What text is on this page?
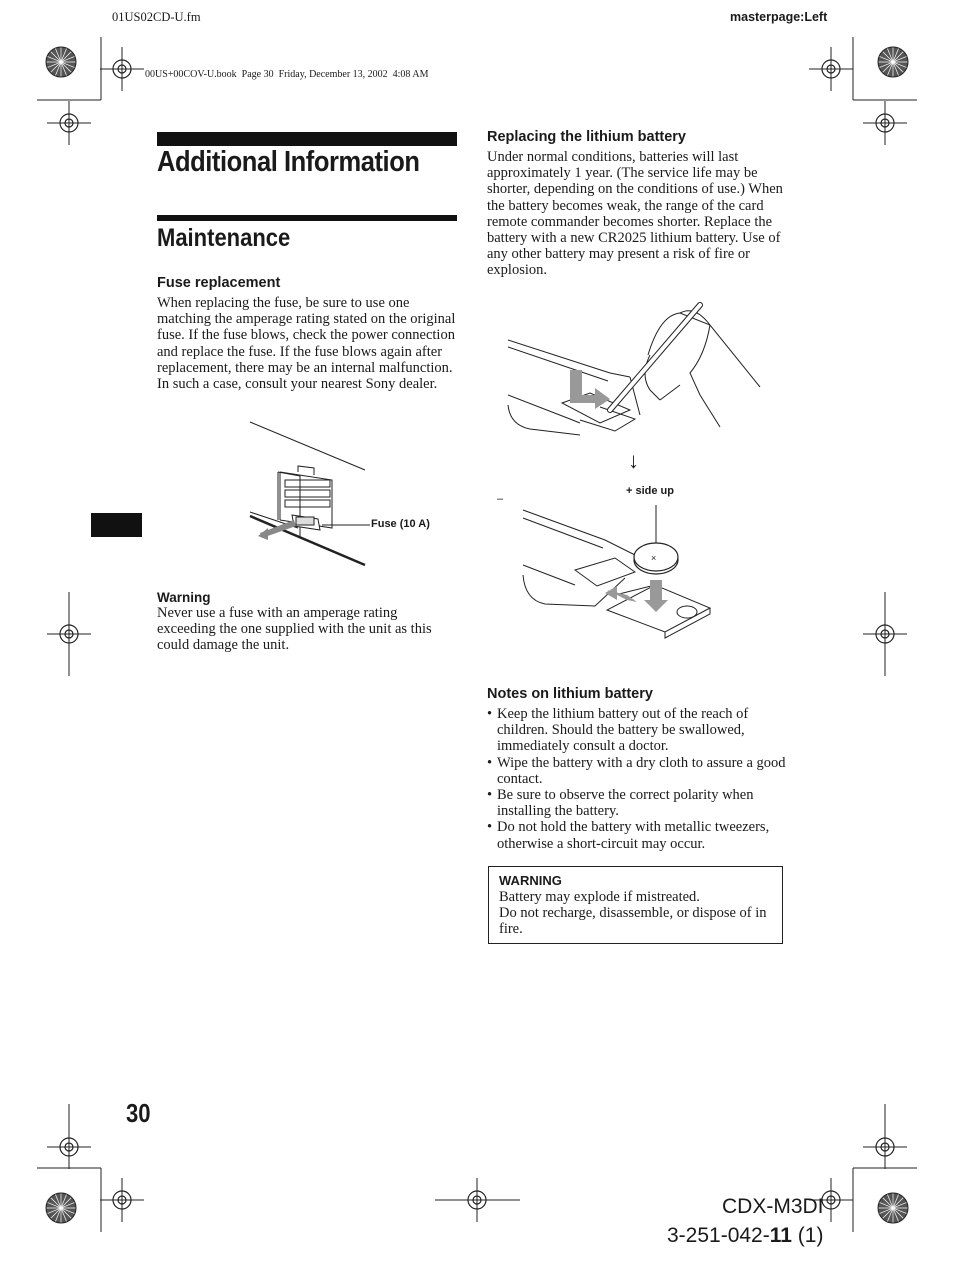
01US02CD-U.fm	masterpage:Left
00US+00COV-U.book  Page 30  Friday, December 13, 2002  4:08 AM
Additional Information
Maintenance
Fuse replacement
When replacing the fuse, be sure to use one matching the amperage rating stated on the original fuse. If the fuse blows, check the power connection and replace the fuse. If the fuse blows again after replacement, there may be an internal malfunction. In such a case, consult your nearest Sony dealer.
Fuse (10 A)
Warning
Never use a fuse with an amperage rating exceeding the one supplied with the unit as this could damage the unit.
Replacing the lithium battery
Under normal conditions, batteries will last approximately 1 year. (The service life may be shorter, depending on the conditions of use.) When the battery becomes weak, the range of the card remote commander becomes shorter. Replace the battery with a new CR2025 lithium battery. Use of any other battery may present a risk of fire or explosion.
↓
+ side up
–
×
Notes on lithium battery
• Keep the lithium battery out of the reach of children. Should the battery be swallowed, immediately consult a doctor.
• Wipe the battery with a dry cloth to assure a good contact.
• Be sure to observe the correct polarity when installing the battery.
• Do not hold the battery with metallic tweezers, otherwise a short-circuit may occur.
WARNING
Battery may explode if mistreated.
Do not recharge, disassemble, or dispose of in fire.
30
CDX-M3DI
3-251-042-11 (1)
